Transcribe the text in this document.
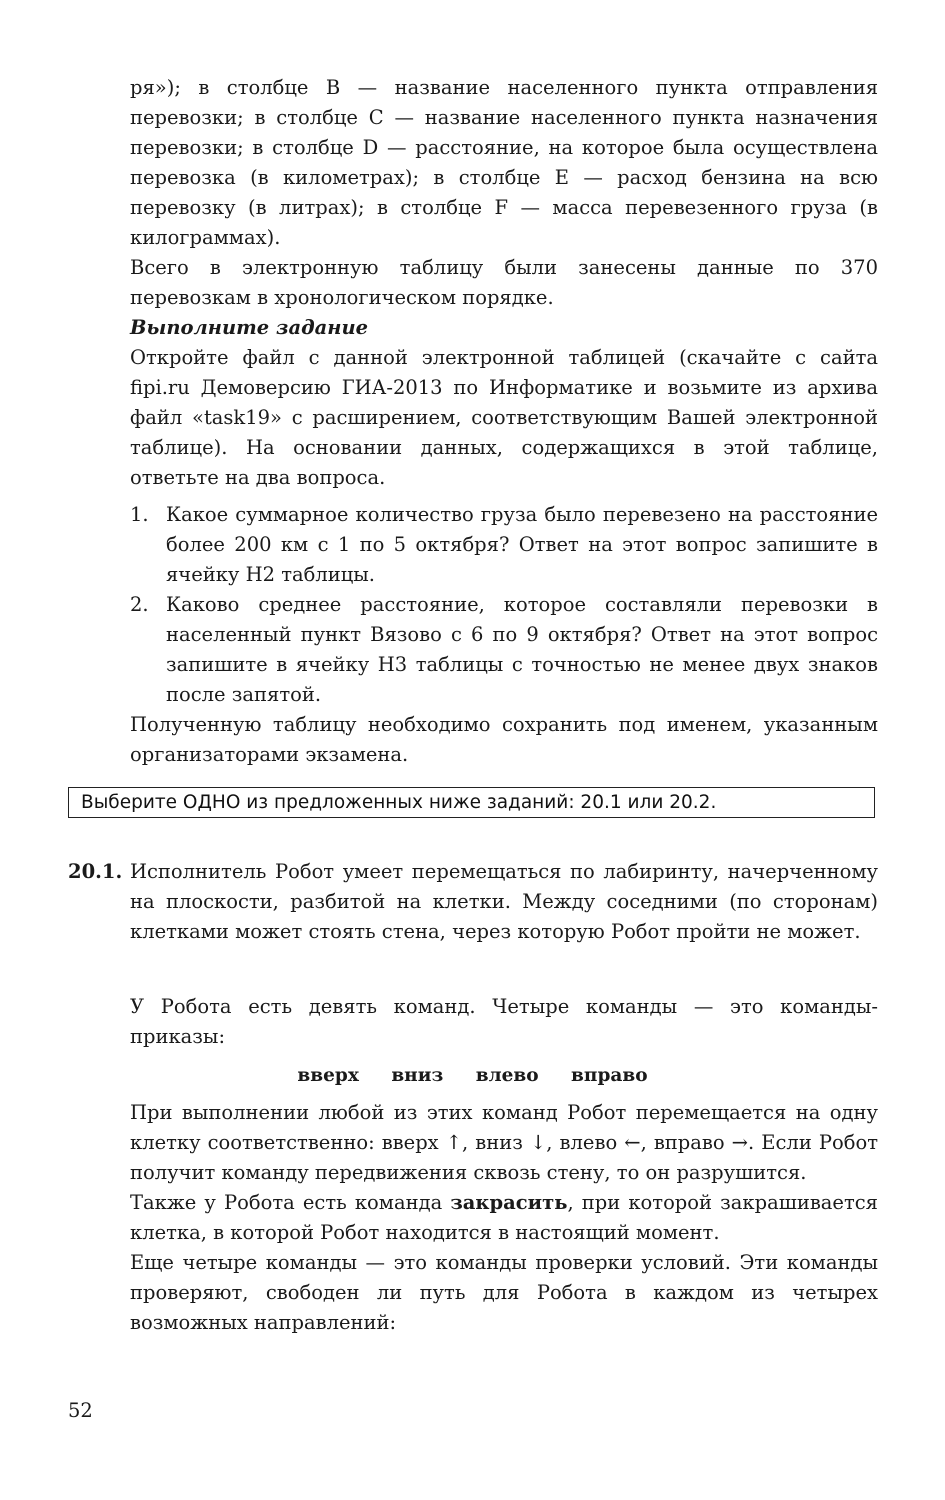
ря»); в столбце В — название населенного пункта отправления перевозки; в столбце С — название населенного пункта назначения перевозки; в столбце D — расстояние, на которое была осуществлена перевозка (в километрах); в столбце Е — расход бензина на всю перевозку (в литрах); в столбце F — масса перевезенного груза (в килограммах).

Всего в электронную таблицу были занесены данные по 370 перевозкам в хронологическом порядке.

Выполните задание

Откройте файл с данной электронной таблицей (скачайте с сайта fipi.ru Демоверсию ГИА-2013 по Информатике и возьмите из архива файл «task19» с расширением, соответствующим Вашей электронной таблице). На основании данных, содержащихся в этой таблице, ответьте на два вопроса.

1. Какое суммарное количество груза было перевезено на расстояние более 200 км с 1 по 5 октября? Ответ на этот вопрос запишите в ячейку Н2 таблицы.
2. Каково среднее расстояние, которое составляли перевозки в населенный пункт Вязово с 6 по 9 октября? Ответ на этот вопрос запишите в ячейку Н3 таблицы с точностью не менее двух знаков после запятой.

Полученную таблицу необходимо сохранить под именем, указанным организаторами экзамена.

Выберите ОДНО из предложенных ниже заданий: 20.1 или 20.2.
20.1. Исполнитель Робот умеет перемещаться по лабиринту, начерченному на плоскости, разбитой на клетки. Между соседними (по сторонам) клетками может стоять стена, через которую Робот пройти не может.

У Робота есть девять команд. Четыре команды — это команды-приказы:

вверх вниз влево вправо

При выполнении любой из этих команд Робот перемещается на одну клетку соответственно: вверх ↑, вниз ↓, влево ←, вправо →. Если Робот получит команду передвижения сквозь стену, то он разрушится.

Также у Робота есть команда закрасить, при которой закрашивается клетка, в которой Робот находится в настоящий момент.

Еще четыре команды — это команды проверки условий. Эти команды проверяют, свободен ли путь для Робота в каждом из четырех возможных направлений:

52
